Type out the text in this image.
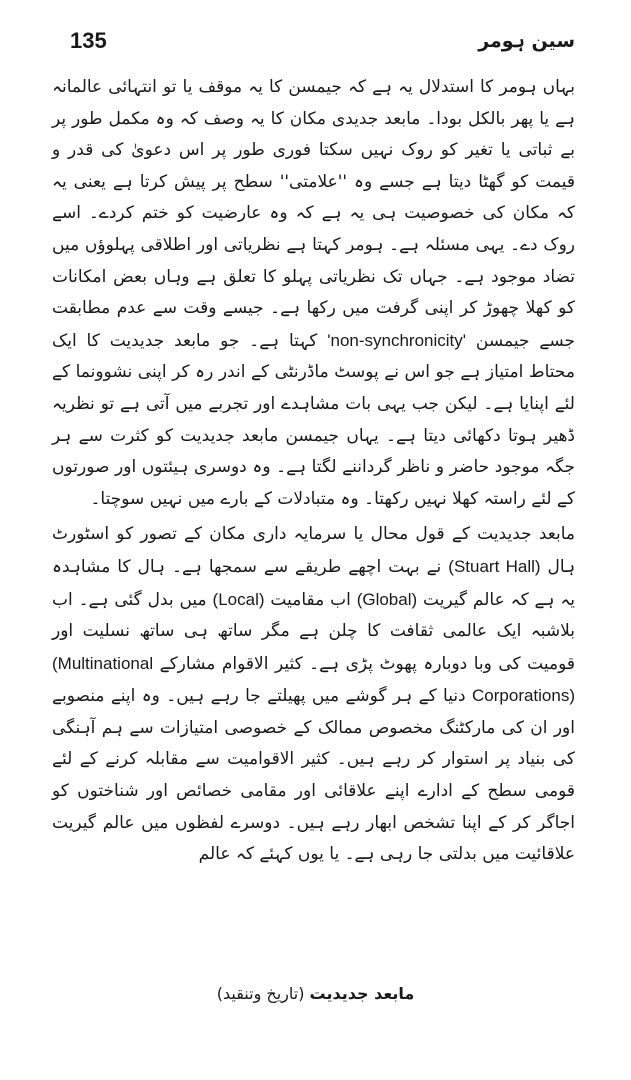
135	سین ہومر

بہاں ہومر کا استدلال یہ ہے کہ جیمسن کا یہ موقف یا تو انتہائی عالمانہ ہے یا پھر بالکل بودا۔ مابعد جدیدی مکان کا یہ وصف کہ وہ مکمل طور پر بے ثباتی یا تغیر کو روک نہیں سکتا فوری طور پر اس دعویٰ کی قدر و قیمت کو گھٹا دیتا ہے جسے وہ ''علامتی'' سطح پر پیش کرتا ہے یعنی یہ کہ مکان کی خصوصیت ہی یہ ہے کہ وہ عارضیت کو ختم کردے۔ اسے روک دے۔ یہی مسئلہ ہے۔ ہومر کہتا ہے نظریاتی اور اطلاقی پہلوؤں میں تضاد موجود ہے۔ جہاں تک نظریاتی پہلو کا تعلق ہے وہاں بعض امکانات کو کھلا چھوڑ کر اپنی گرفت میں رکھا ہے۔ جیسے وقت سے عدم مطابقت جسے جیمسن 'non-synchronicity' کہتا ہے۔ جو مابعد جدیدیت کا ایک محتاط امتیاز ہے جو اس نے پوسٹ ماڈرنٹی کے اندر رہ کر اپنی نشوونما کے لئے اپنایا ہے۔ لیکن جب یہی بات مشاہدے اور تجربے میں آتی ہے تو نظریہ ڈھیر ہوتا دکھائی دیتا ہے۔ یہاں جیمسن مابعد جدیدیت کو کثرت سے ہر جگہ موجود حاضر و ناظر گرداننے لگتا ہے۔ وہ دوسری ہیئتوں اور صورتوں کے لئے راستہ کھلا نہیں رکھتا۔ وہ متبادلات کے بارے میں نہیں سوچتا۔

مابعد جدیدیت کے قول محال یا سرمایہ داری مکان کے تصور کو اسٹورٹ ہال (Stuart Hall) نے بہت اچھے طریقے سے سمجھا ہے۔ ہال کا مشاہدہ یہ ہے کہ عالم گیریت (Global) اب مقامیت (Local) میں بدل گئی ہے۔ اب بلاشبہ ایک عالمی ثقافت کا چلن ہے مگر ساتھ ہی ساتھ نسلیت اور قومیت کی وبا دوبارہ پھوٹ پڑی ہے۔ کثیر الاقوام مشارکے (Multinational Corporations) دنیا کے ہر گوشے میں پھیلتے جا رہے ہیں۔ وہ اپنے منصوبے اور ان کی مارکٹنگ مخصوص ممالک کے خصوصی امتیازات سے ہم آہنگی کی بنیاد پر استوار کر رہے ہیں۔ کثیر الاقوامیت سے مقابلہ کرنے کے لئے قومی سطح کے ادارے اپنے علاقائی اور مقامی خصائص اور شناختوں کو اجاگر کر کے اپنا تشخص ابھار رہے ہیں۔ دوسرے لفظوں میں عالم گیریت علاقائیت میں بدلتی جا رہی ہے۔ یا یوں کہئے کہ عالم

مابعد جدیدیت (تاریخ وتنقید)
